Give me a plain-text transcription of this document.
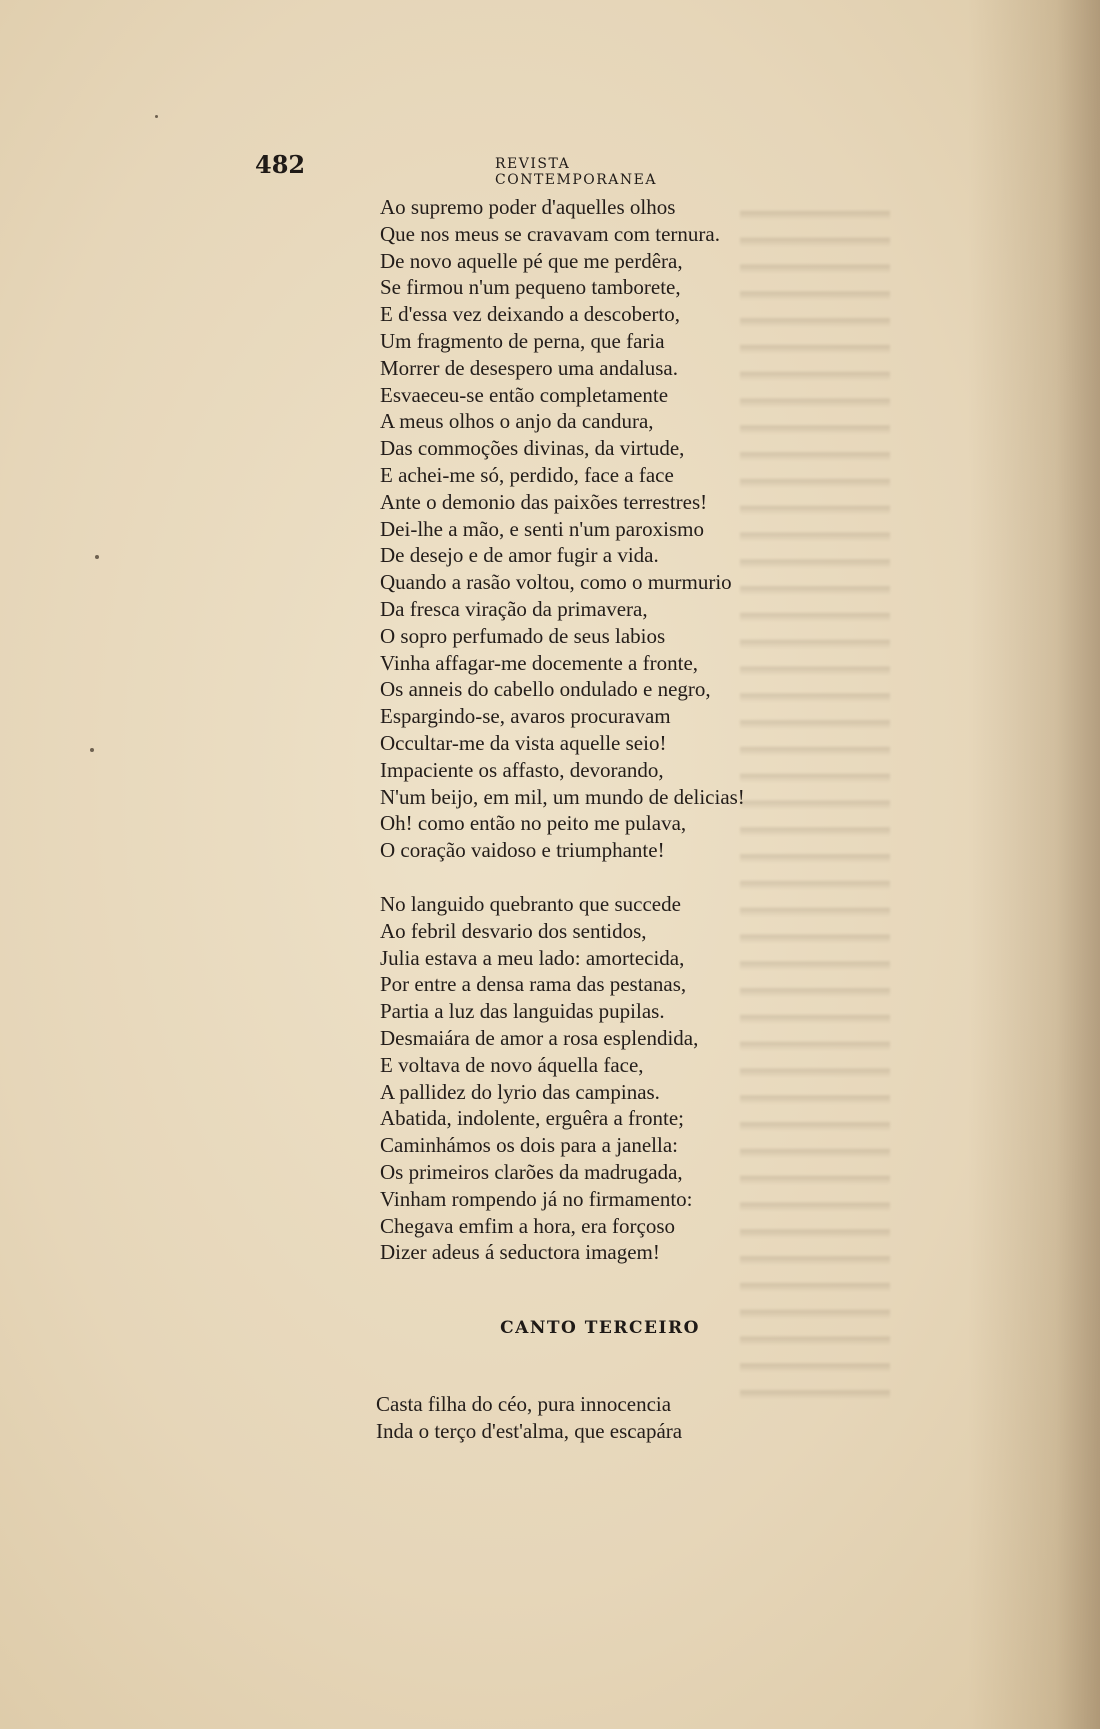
482	REVISTA CONTEMPORANEA
Ao supremo poder d'aquelles olhos
Que nos meus se cravavam com ternura.
De novo aquelle pé que me perdêra,
Se firmou n'um pequeno tamborete,
E d'essa vez deixando a descoberto,
Um fragmento de perna, que faria
Morrer de desespero uma andalusa.
Esvaeceu-se então completamente
A meus olhos o anjo da candura,
Das commoções divinas, da virtude,
E achei-me só, perdido, face a face
Ante o demonio das paixões terrestres!
Dei-lhe a mão, e senti n'um paroxismo
De desejo e de amor fugir a vida.
Quando a rasão voltou, como o murmurio
Da fresca viração da primavera,
O sopro perfumado de seus labios
Vinha affagar-me docemente a fronte,
Os anneis do cabello ondulado e negro,
Espargindo-se, avaros procuravam
Occultar-me da vista aquelle seio!
Impaciente os affasto, devorando,
N'um beijo, em mil, um mundo de delicias!
Oh! como então no peito me pulava,
O coração vaidoso e triumphante!
No languido quebranto que succede
Ao febril desvario dos sentidos,
Julia estava a meu lado: amortecida,
Por entre a densa rama das pestanas,
Partia a luz das languidas pupilas.
Desmaiára de amor a rosa esplendida,
E voltava de novo áquella face,
A pallidez do lyrio das campinas.
Abatida, indolente, erguêra a fronte;
Caminhámos os dois para a janella:
Os primeiros clarões da madrugada,
Vinham rompendo já no firmamento:
Chegava emfim a hora, era forçoso
Dizer adeus á seductora imagem!
CANTO TERCEIRO
Casta filha do céo, pura innocencia
Inda o terço d'est'alma, que escapára
